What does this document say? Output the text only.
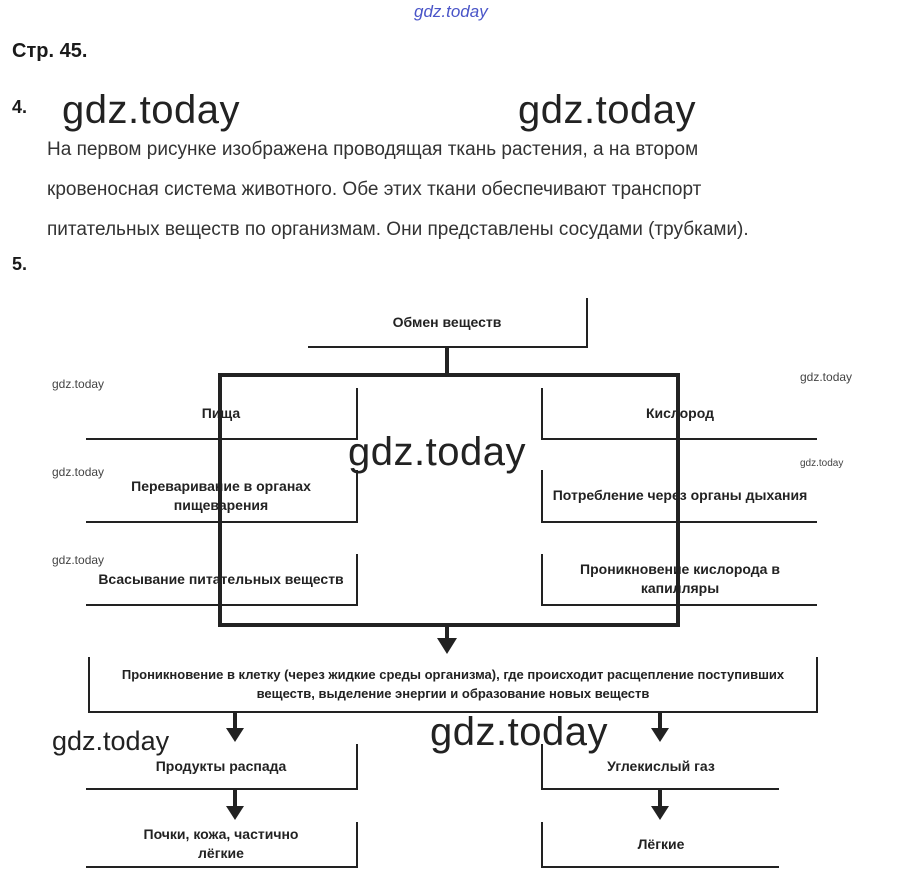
gdz.today
Стр. 45.
4. gdz.today	gdz.today
На первом рисунке изображена проводящая ткань растения, а на втором
кровеносная система животного. Обе этих ткани обеспечивают транспорт
питательных веществ по организмам. Они представлены сосудами (трубками).
5.
Обмен веществ
Пища
Переваривание в органах пищеварения
Всасывание питательных веществ
Кислород
Потребление через органы дыхания
Проникновение кислорода в капилляры
Проникновение в клетку (через жидкие среды организма), где происходит расщепление поступивших веществ, выделение энергии и образование новых веществ
Продукты распада
Почки, кожа, частично лёгкие
Углекислый газ
Лёгкие
gdz.today	gdz.today
gdz.today
gdz.today
gdz.today
gdz.today
gdz.today
gdz.today
